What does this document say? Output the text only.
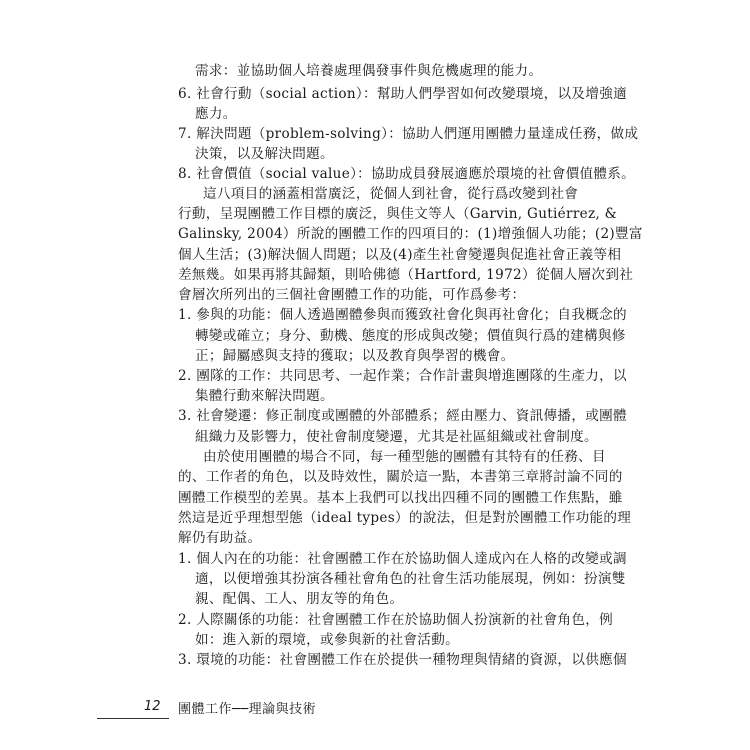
需求：並協助個人培養處理偶發事件與危機處理的能力。
6. 社會行動（social action）：幫助人們學習如何改變環境，以及增強適
應力。
7. 解決問題（problem-solving）：協助人們運用團體力量達成任務，做成
決策，以及解決問題。
8. 社會價值（social value）：協助成員發展適應於環境的社會價值體系。
這八項目的涵蓋相當廣泛，從個人到社會，從行爲改變到社會
行動，呈現團體工作目標的廣泛，與佳文等人（Garvin, Gutiérrez, &
Galinsky, 2004）所說的團體工作的四項目的：(1)增強個人功能；(2)豐富
個人生活；(3)解決個人問題；以及(4)產生社會變遷與促進社會正義等相
差無幾。如果再將其歸類，則哈佛德（Hartford, 1972）從個人層次到社
會層次所列出的三個社會團體工作的功能，可作爲參考：
1. 參與的功能：個人透過團體參與而獲致社會化與再社會化；自我概念的
轉變或確立；身分、動機、態度的形成與改變；價值與行爲的建構與修
正；歸屬感與支持的獲取；以及教育與學習的機會。
2. 團隊的工作：共同思考、一起作業；合作計畫與增進團隊的生產力，以
集體行動來解決問題。
3. 社會變遷：修正制度或團體的外部體系；經由壓力、資訊傳播，或團體
組織力及影響力，使社會制度變遷，尤其是社區組織或社會制度。
由於使用團體的場合不同，每一種型態的團體有其特有的任務、目
的、工作者的角色，以及時效性，關於這一點，本書第三章將討論不同的
團體工作模型的差異。基本上我們可以找出四種不同的團體工作焦點，雖
然這是近乎理想型態（ideal types）的說法，但是對於團體工作功能的理
解仍有助益。
1. 個人內在的功能：社會團體工作在於協助個人達成內在人格的改變或調
適，以便增強其扮演各種社會角色的社會生活功能展現，例如：扮演雙
親、配偶、工人、朋友等的角色。
2. 人際關係的功能：社會團體工作在於協助個人扮演新的社會角色，例
如：進入新的環境，或參與新的社會活動。
3. 環境的功能：社會團體工作在於提供一種物理與情緒的資源，以供應個
12 團體工作──理論與技術
